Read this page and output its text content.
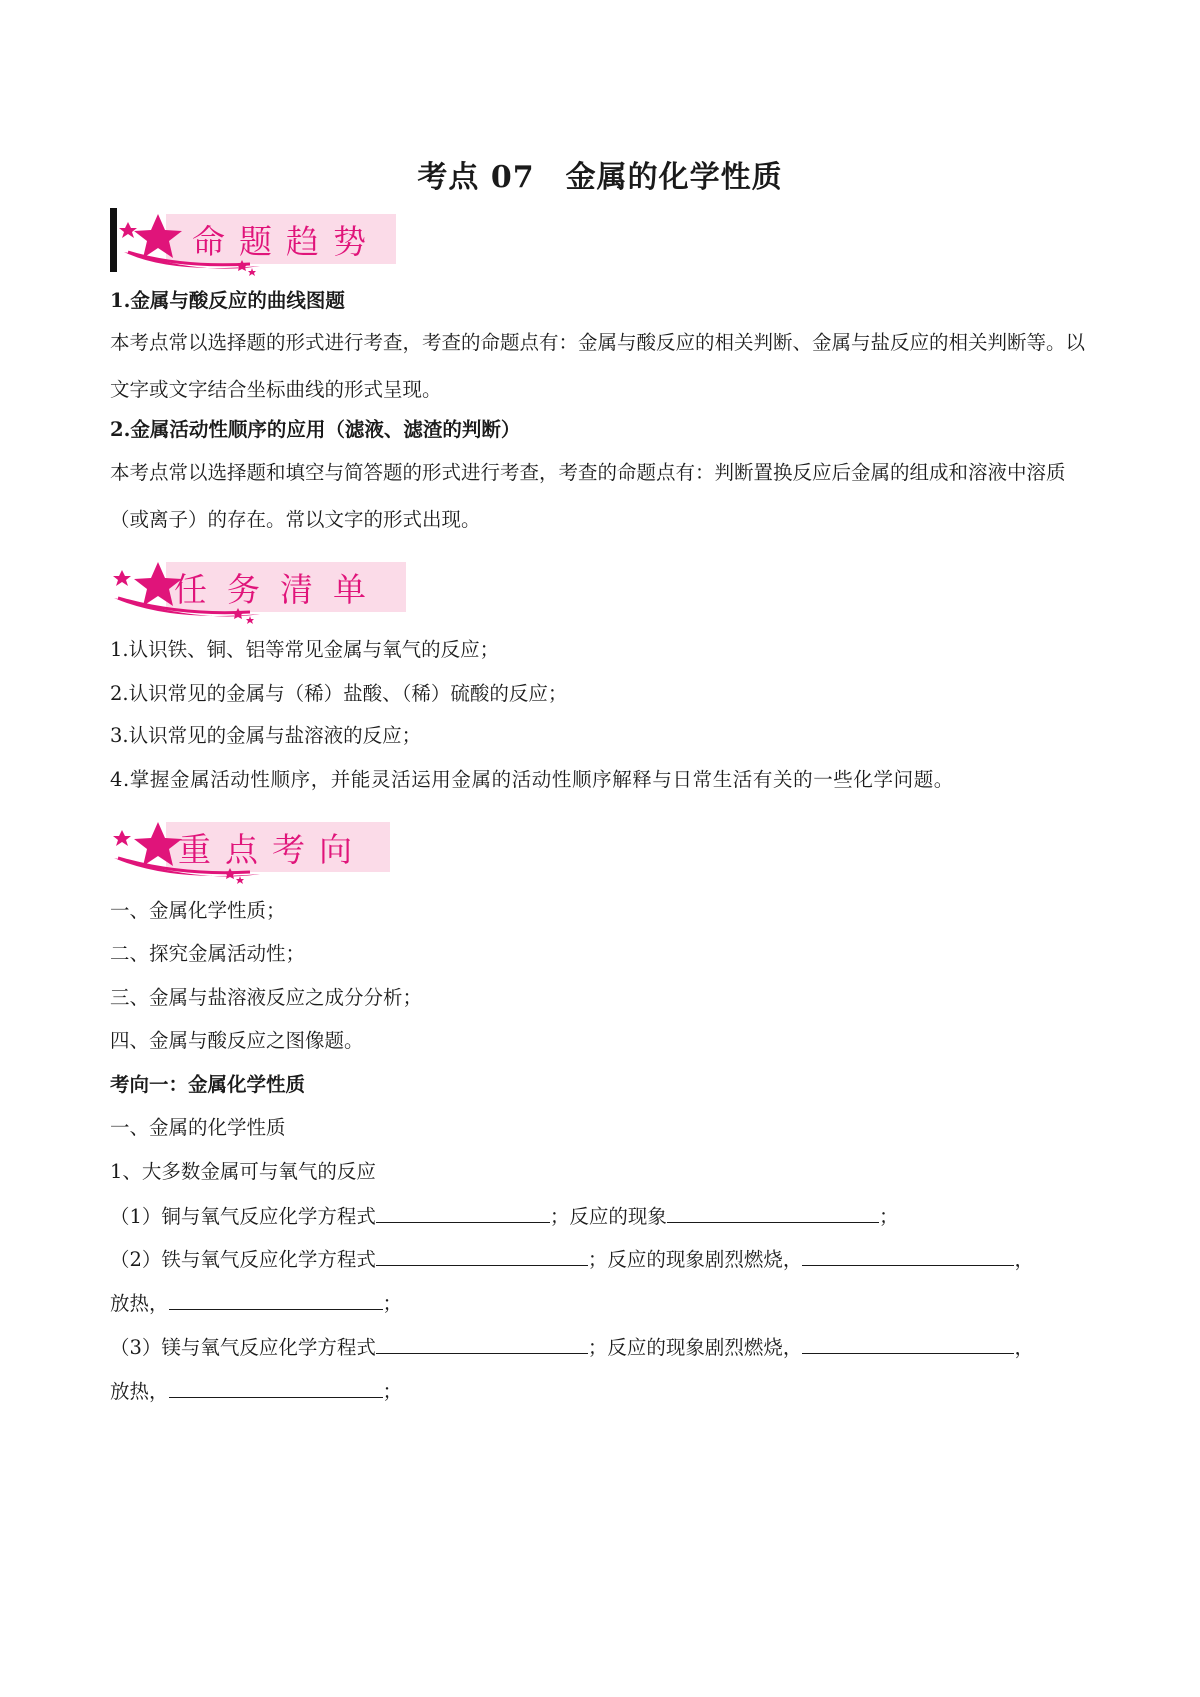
考点 07　金属的化学性质
命题趋势
1.金属与酸反应的曲线图题
本考点常以选择题的形式进行考查，考查的命题点有：金属与酸反应的相关判断、金属与盐反应的相关判断等。以文字或文字结合坐标曲线的形式呈现。
2.金属活动性顺序的应用（滤液、滤渣的判断）
本考点常以选择题和填空与简答题的形式进行考查，考查的命题点有：判断置换反应后金属的组成和溶液中溶质（或离子）的存在。常以文字的形式出现。
任务清单
1.认识铁、铜、铝等常见金属与氧气的反应；
2.认识常见的金属与（稀）盐酸、（稀）硫酸的反应；
3.认识常见的金属与盐溶液的反应；
4.掌握金属活动性顺序，并能灵活运用金属的活动性顺序解释与日常生活有关的一些化学问题。
重点考向
一、金属化学性质；
二、探究金属活动性；
三、金属与盐溶液反应之成分分析；
四、金属与酸反应之图像题。
考向一：金属化学性质
一、金属的化学性质
1、大多数金属可与氧气的反应
（1）铜与氧气反应化学方程式	；反应的现象	；
（2）铁与氧气反应化学方程式	；反应的现象剧烈燃烧，	，
放热，	；
（3）镁与氧气反应化学方程式	；反应的现象剧烈燃烧，	，
放热，	；
